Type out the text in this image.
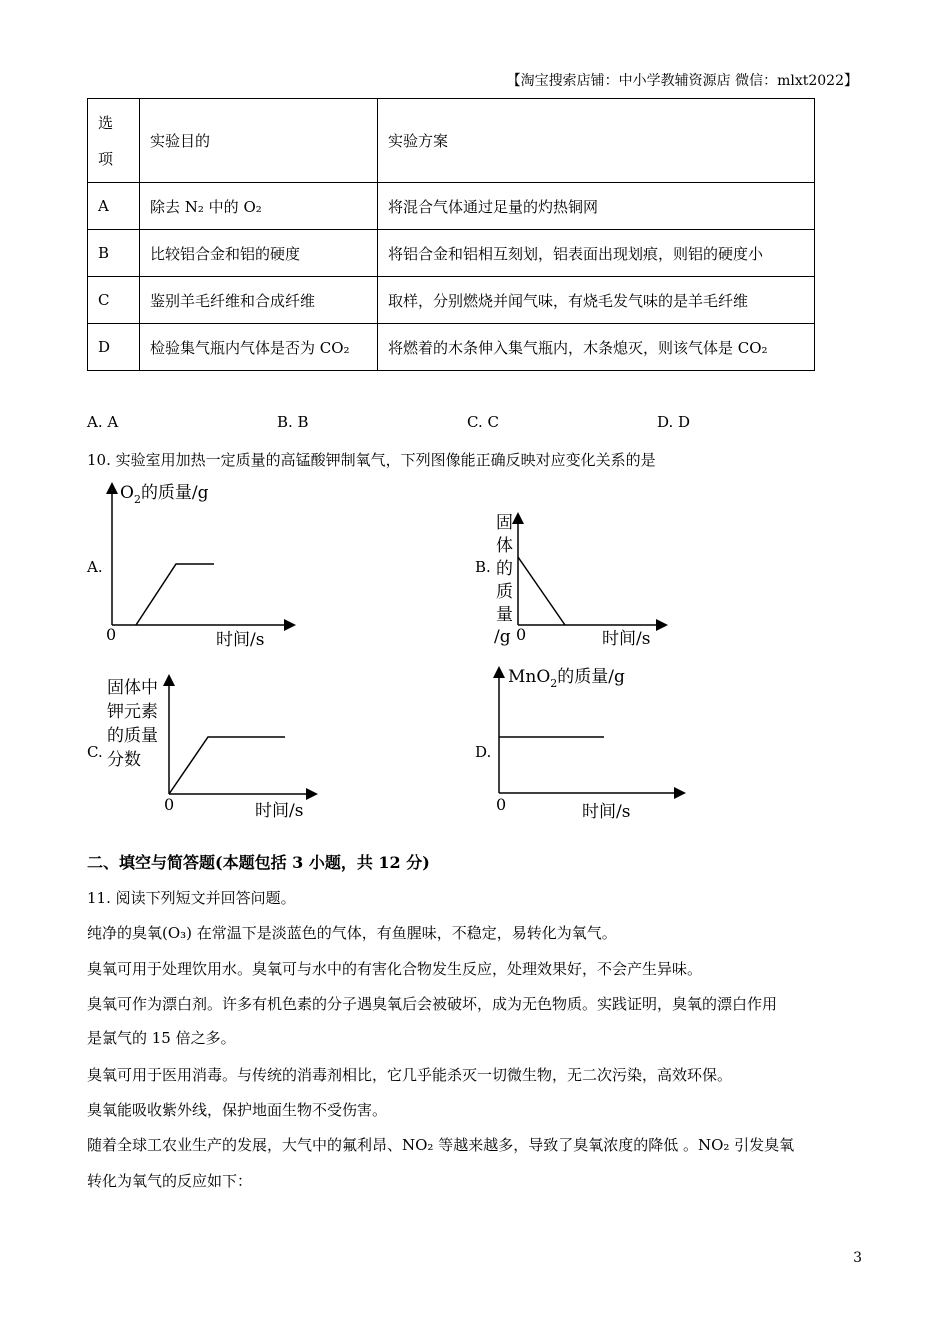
【淘宝搜索店铺：中小学教辅资源店 微信：mlxt2022】
选
项	实验目的	实验方案
A	除去 N₂ 中的 O₂	将混合气体通过足量的灼热铜网
B	比较铝合金和铝的硬度	将铝合金和铝相互刻划，铝表面出现划痕，则铝的硬度小
C	鉴别羊毛纤维和合成纤维	取样，分别燃烧并闻气味，有烧毛发气味的是羊毛纤维
D	检验集气瓶内气体是否为 CO₂	将燃着的木条伸入集气瓶内，木条熄灭，则该气体是 CO₂
A. A	B. B	C. C	D. D
10. 实验室用加热一定质量的高锰酸钾制氧气，下列图像能正确反映对应变化关系的是
A.
$O_2$的质量/g
0	时间/s
B.
固
体
的
质
量
/g 0	时间/s
C.
固体中
钾元素
的质量
分数
0	时间/s
D.
MnO$_2$的质量/g
0	时间/s
二、填空与简答题(本题包括 3 小题，共 12 分)
11. 阅读下列短文并回答问题。
纯净的臭氧(O₃) 在常温下是淡蓝色的气体，有鱼腥味，不稳定，易转化为氧气。
臭氧可用于处理饮用水。臭氧可与水中的有害化合物发生反应，处理效果好，不会产生异味。
臭氧可作为漂白剂。许多有机色素的分子遇臭氧后会被破坏，成为无色物质。实践证明，臭氧的漂白作用
是氯气的 15 倍之多。
臭氧可用于医用消毒。与传统的消毒剂相比，它几乎能杀灭一切微生物，无二次污染，高效环保。
臭氧能吸收紫外线，保护地面生物不受伤害。
随着全球工农业生产的发展，大气中的氟利昂、NO₂ 等越来越多，导致了臭氧浓度的降低 。NO₂ 引发臭氧
转化为氧气的反应如下：
3
